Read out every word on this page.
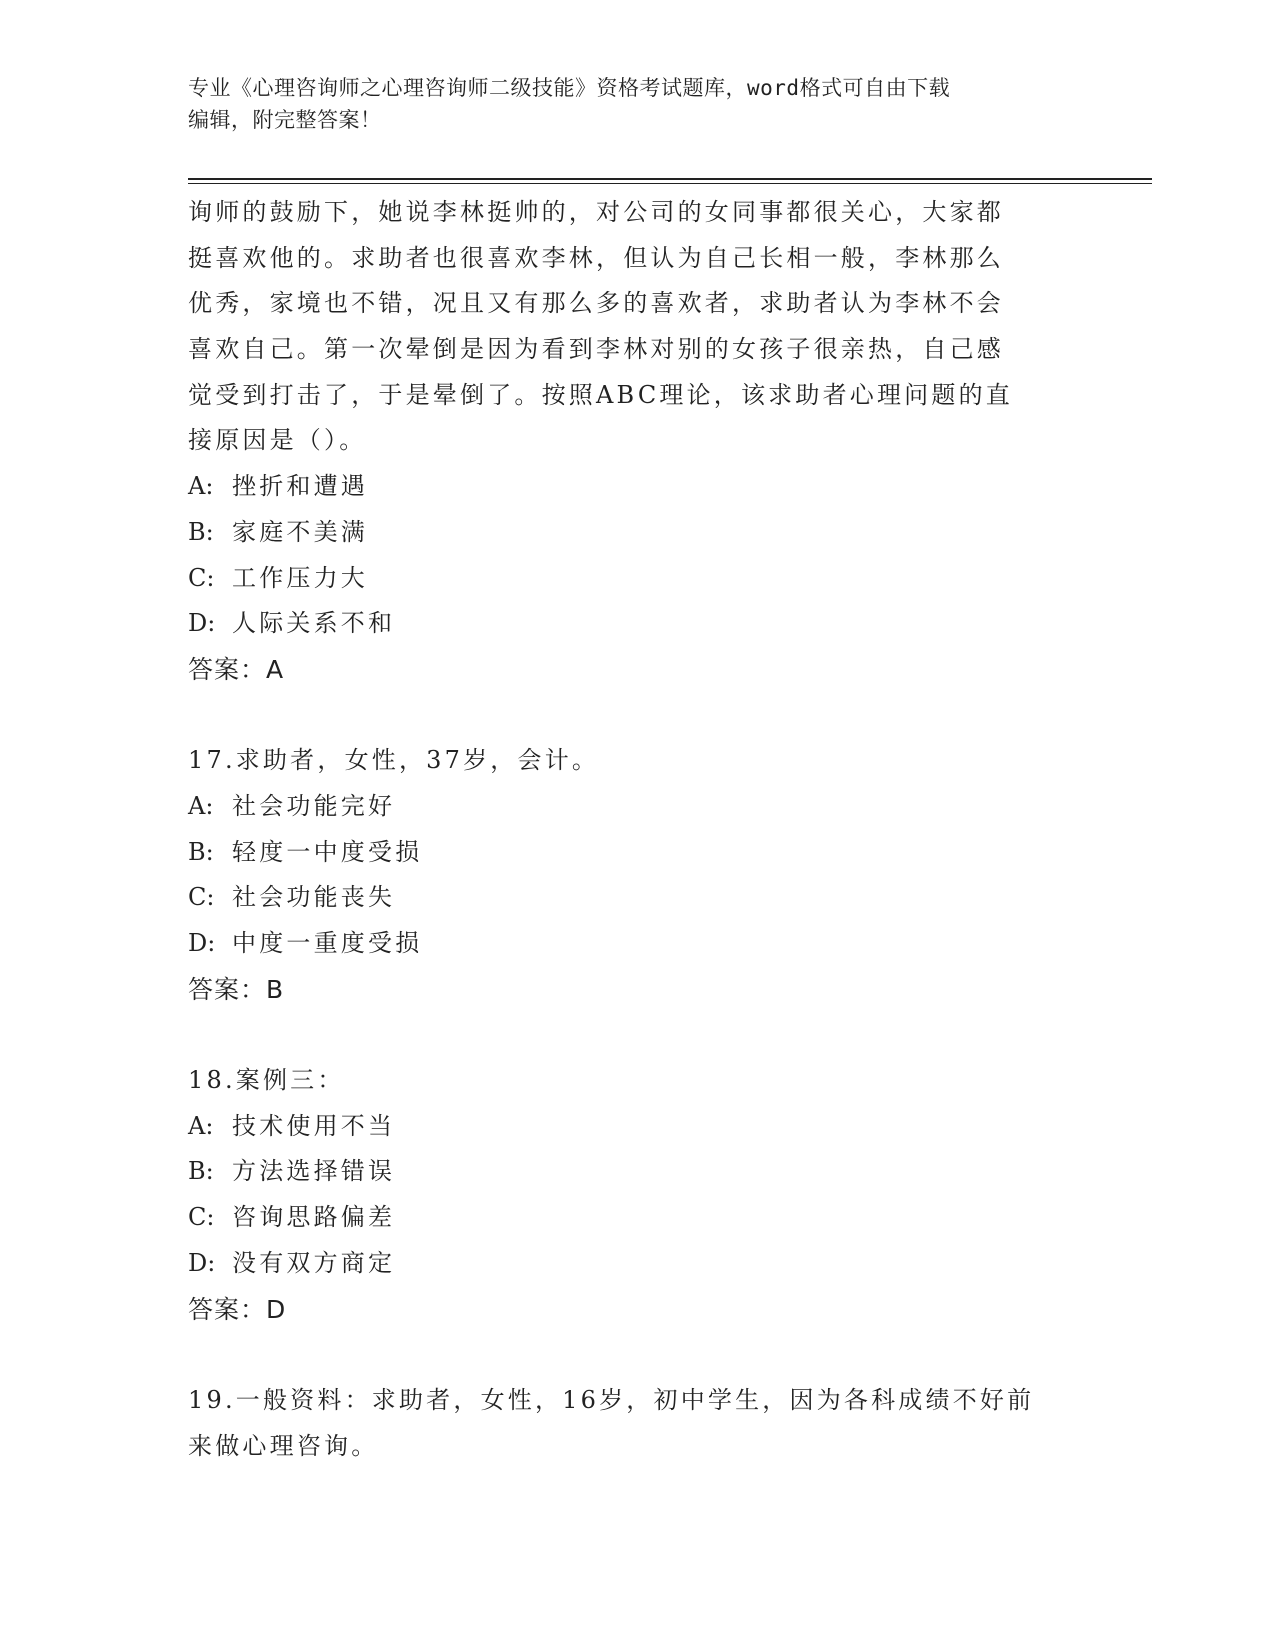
专业《心理咨询师之心理咨询师二级技能》资格考试题库，word格式可自由下载
编辑，附完整答案！
询师的鼓励下，她说李林挺帅的，对公司的女同事都很关心，大家都
挺喜欢他的。求助者也很喜欢李林，但认为自己长相一般，李林那么
优秀，家境也不错，况且又有那么多的喜欢者，求助者认为李林不会
喜欢自己。第一次晕倒是因为看到李林对别的女孩子很亲热，自己感
觉受到打击了，于是晕倒了。按照ABC理论，该求助者心理问题的直
接原因是（）。
A: 挫折和遭遇
B: 家庭不美满
C: 工作压力大
D: 人际关系不和
答案：A
17.求助者，女性，37岁，会计。
A: 社会功能完好
B: 轻度一中度受损
C: 社会功能丧失
D: 中度一重度受损
答案：B
18.案例三：
A: 技术使用不当
B: 方法选择错误
C: 咨询思路偏差
D: 没有双方商定
答案：D
19.一般资料：求助者，女性，16岁，初中学生，因为各科成绩不好前
来做心理咨询。
